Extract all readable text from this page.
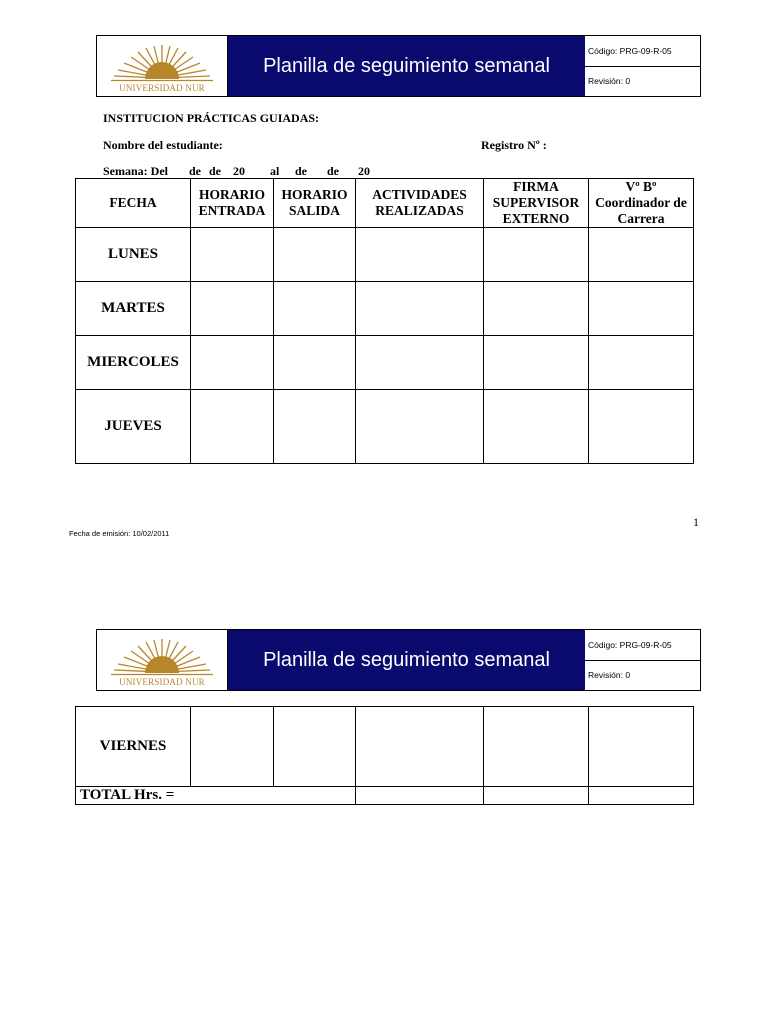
UNIVERSIDAD NUR
Planilla de seguimiento semanal
Código: PRG-09-R-05
Revisión: 0
INSTITUCION PRÁCTICAS GUIADAS:
Nombre del estudiante:	Registro Nº :
Semana: Del de de 20 al de de 20
FECHA	HORARIO ENTRADA	HORARIO SALIDA	ACTIVIDADES REALIZADAS	FIRMA SUPERVISOR EXTERNO	Vº Bº Coordinador de Carrera
LUNES					
MARTES					
MIERCOLES					
JUEVES					
1
Fecha de emisión: 10/02/2011
UNIVERSIDAD NUR
Planilla de seguimiento semanal
Código: PRG-09-R-05
Revisión: 0
VIERNES					
TOTAL Hrs. =					
